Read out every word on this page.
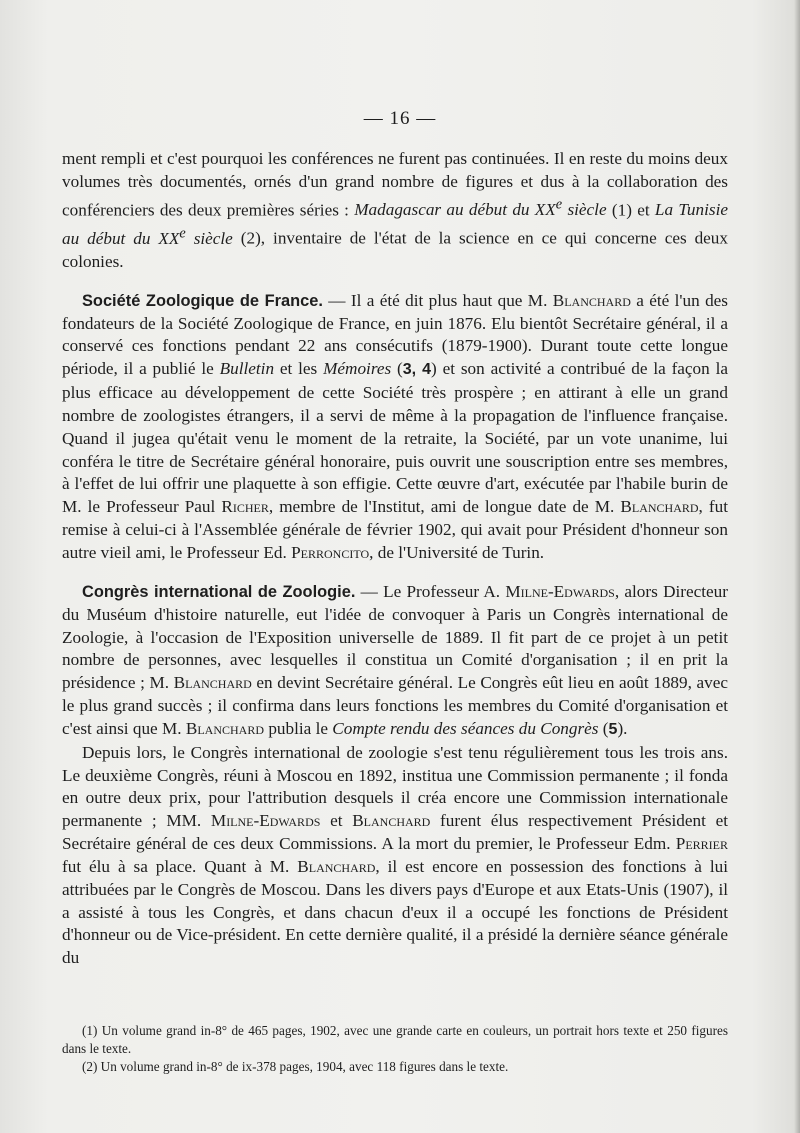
— 16 —

ment rempli et c'est pourquoi les conférences ne furent pas continuées. Il en reste du moins deux volumes très documentés, ornés d'un grand nombre de figures et dus à la collaboration des conférenciers des deux premières séries : Madagascar au début du XXe siècle (1) et La Tunisie au début du XXe siècle (2), inventaire de l'état de la science en ce qui concerne ces deux colonies.

Société Zoologique de France. — Il a été dit plus haut que M. Blanchard a été l'un des fondateurs de la Société Zoologique de France, en juin 1876. Elu bientôt Secrétaire général, il a conservé ces fonctions pendant 22 ans consécutifs (1879-1900). Durant toute cette longue période, il a publié le Bulletin et les Mémoires (3, 4) et son activité a contribué de la façon la plus efficace au développement de cette Société très prospère ; en attirant à elle un grand nombre de zoologistes étrangers, il a servi de même à la propagation de l'influence française. Quand il jugea qu'était venu le moment de la retraite, la Société, par un vote unanime, lui conféra le titre de Secrétaire général honoraire, puis ouvrit une souscription entre ses membres, à l'effet de lui offrir une plaquette à son effigie. Cette œuvre d'art, exécutée par l'habile burin de M. le Professeur Paul Richer, membre de l'Institut, ami de longue date de M. Blanchard, fut remise à celui-ci à l'Assemblée générale de février 1902, qui avait pour Président d'honneur son autre vieil ami, le Professeur Ed. Perroncito, de l'Université de Turin.

Congrès international de Zoologie. — Le Professeur A. Milne-Edwards, alors Directeur du Muséum d'histoire naturelle, eut l'idée de convoquer à Paris un Congrès international de Zoologie, à l'occasion de l'Exposition universelle de 1889. Il fit part de ce projet à un petit nombre de personnes, avec lesquelles il constitua un Comité d'organisation ; il en prit la présidence ; M. Blanchard en devint Secrétaire général. Le Congrès eût lieu en août 1889, avec le plus grand succès ; il confirma dans leurs fonctions les membres du Comité d'organisation et c'est ainsi que M. Blanchard publia le Compte rendu des séances du Congrès (5).

Depuis lors, le Congrès international de zoologie s'est tenu régulièrement tous les trois ans. Le deuxième Congrès, réuni à Moscou en 1892, institua une Commission permanente ; il fonda en outre deux prix, pour l'attribution desquels il créa encore une Commission internationale permanente ; MM. Milne-Edwards et Blanchard furent élus respectivement Président et Secrétaire général de ces deux Commissions. A la mort du premier, le Professeur Edm. Perrier fut élu à sa place. Quant à M. Blanchard, il est encore en possession des fonctions à lui attribuées par le Congrès de Moscou. Dans les divers pays d'Europe et aux Etats-Unis (1907), il a assisté à tous les Congrès, et dans chacun d'eux il a occupé les fonctions de Président d'honneur ou de Vice-président. En cette dernière qualité, il a présidé la dernière séance générale du

(1) Un volume grand in-8° de 465 pages, 1902, avec une grande carte en couleurs, un portrait hors texte et 250 figures dans le texte.

(2) Un volume grand in-8° de ix-378 pages, 1904, avec 118 figures dans le texte.
